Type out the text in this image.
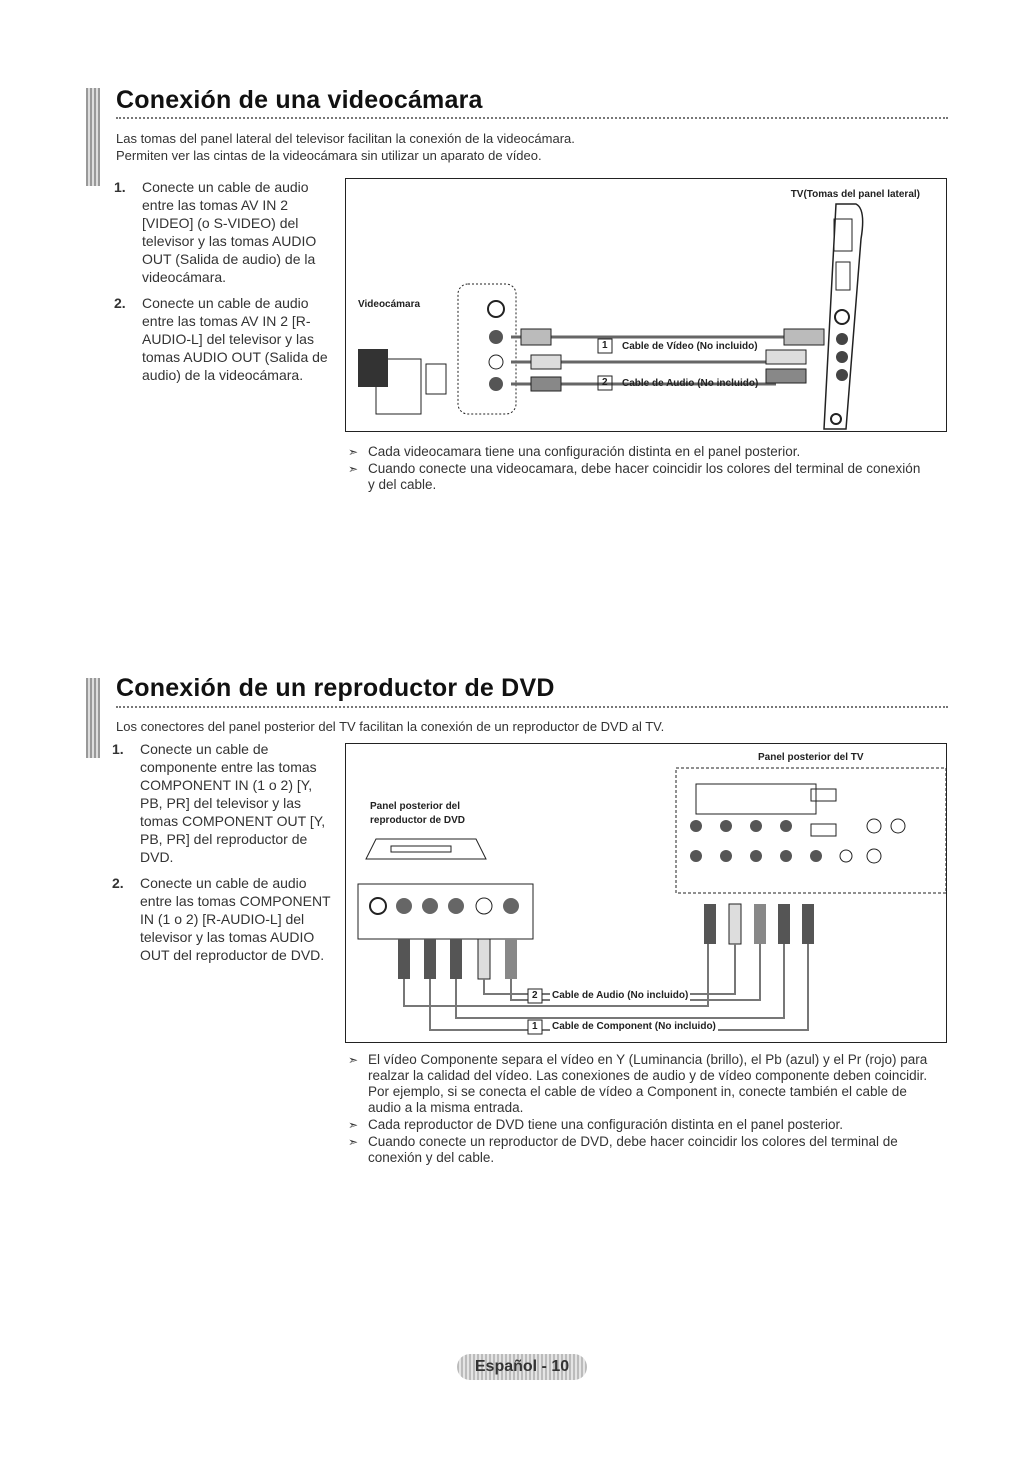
Conexión de una videocámara
Las tomas del panel lateral del televisor facilitan la conexión de la videocámara.
Permiten ver las cintas de la videocámara sin utilizar un aparato de vídeo.
1.	Conecte un cable de audio entre las tomas AV IN 2 [VIDEO] (o S-VIDEO) del televisor y las tomas AUDIO OUT (Salida de audio) de la videocámara.
2.	Conecte un cable de audio entre las tomas AV IN 2 [R-AUDIO-L] del televisor y las tomas AUDIO OUT (Salida de audio) de la videocámara.
TV(Tomas del panel lateral)
Videocámara
1 Cable de Vídeo (No incluido)
2 Cable de Audio (No incluido)
➣ Cada videocamara tiene una configuración distinta en el panel posterior.
➣ Cuando conecte una videocamara, debe hacer coincidir los colores del terminal de conexión y del cable.
Conexión de un reproductor de DVD
Los conectores del panel posterior del TV facilitan la conexión de un reproductor de DVD al TV.
1.	Conecte un cable de componente entre las tomas COMPONENT IN (1 o 2) [Y, PB, PR] del televisor y las tomas COMPONENT OUT [Y, PB, PR] del reproductor de DVD.
2.	Conecte un cable de audio entre las tomas COMPONENT IN (1 o 2) [R-AUDIO-L] del televisor y las tomas AUDIO OUT del reproductor de DVD.
Panel posterior del TV
Panel posterior del
reproductor de DVD
2 Cable de Audio (No incluido)
1 Cable de Component (No incluido)
➣ El vídeo Componente separa el vídeo en Y (Luminancia (brillo), el Pb (azul) y el Pr (rojo) para realzar la calidad del vídeo. Las conexiones de audio y de vídeo componente deben coincidir. Por ejemplo, si se conecta el cable de vídeo a Component in, conecte también el cable de audio a la misma entrada.
➣ Cada reproductor de DVD tiene una configuración distinta en el panel posterior.
➣ Cuando conecte un reproductor de DVD, debe hacer coincidir los colores del terminal de conexión y del cable.
Español - 10
